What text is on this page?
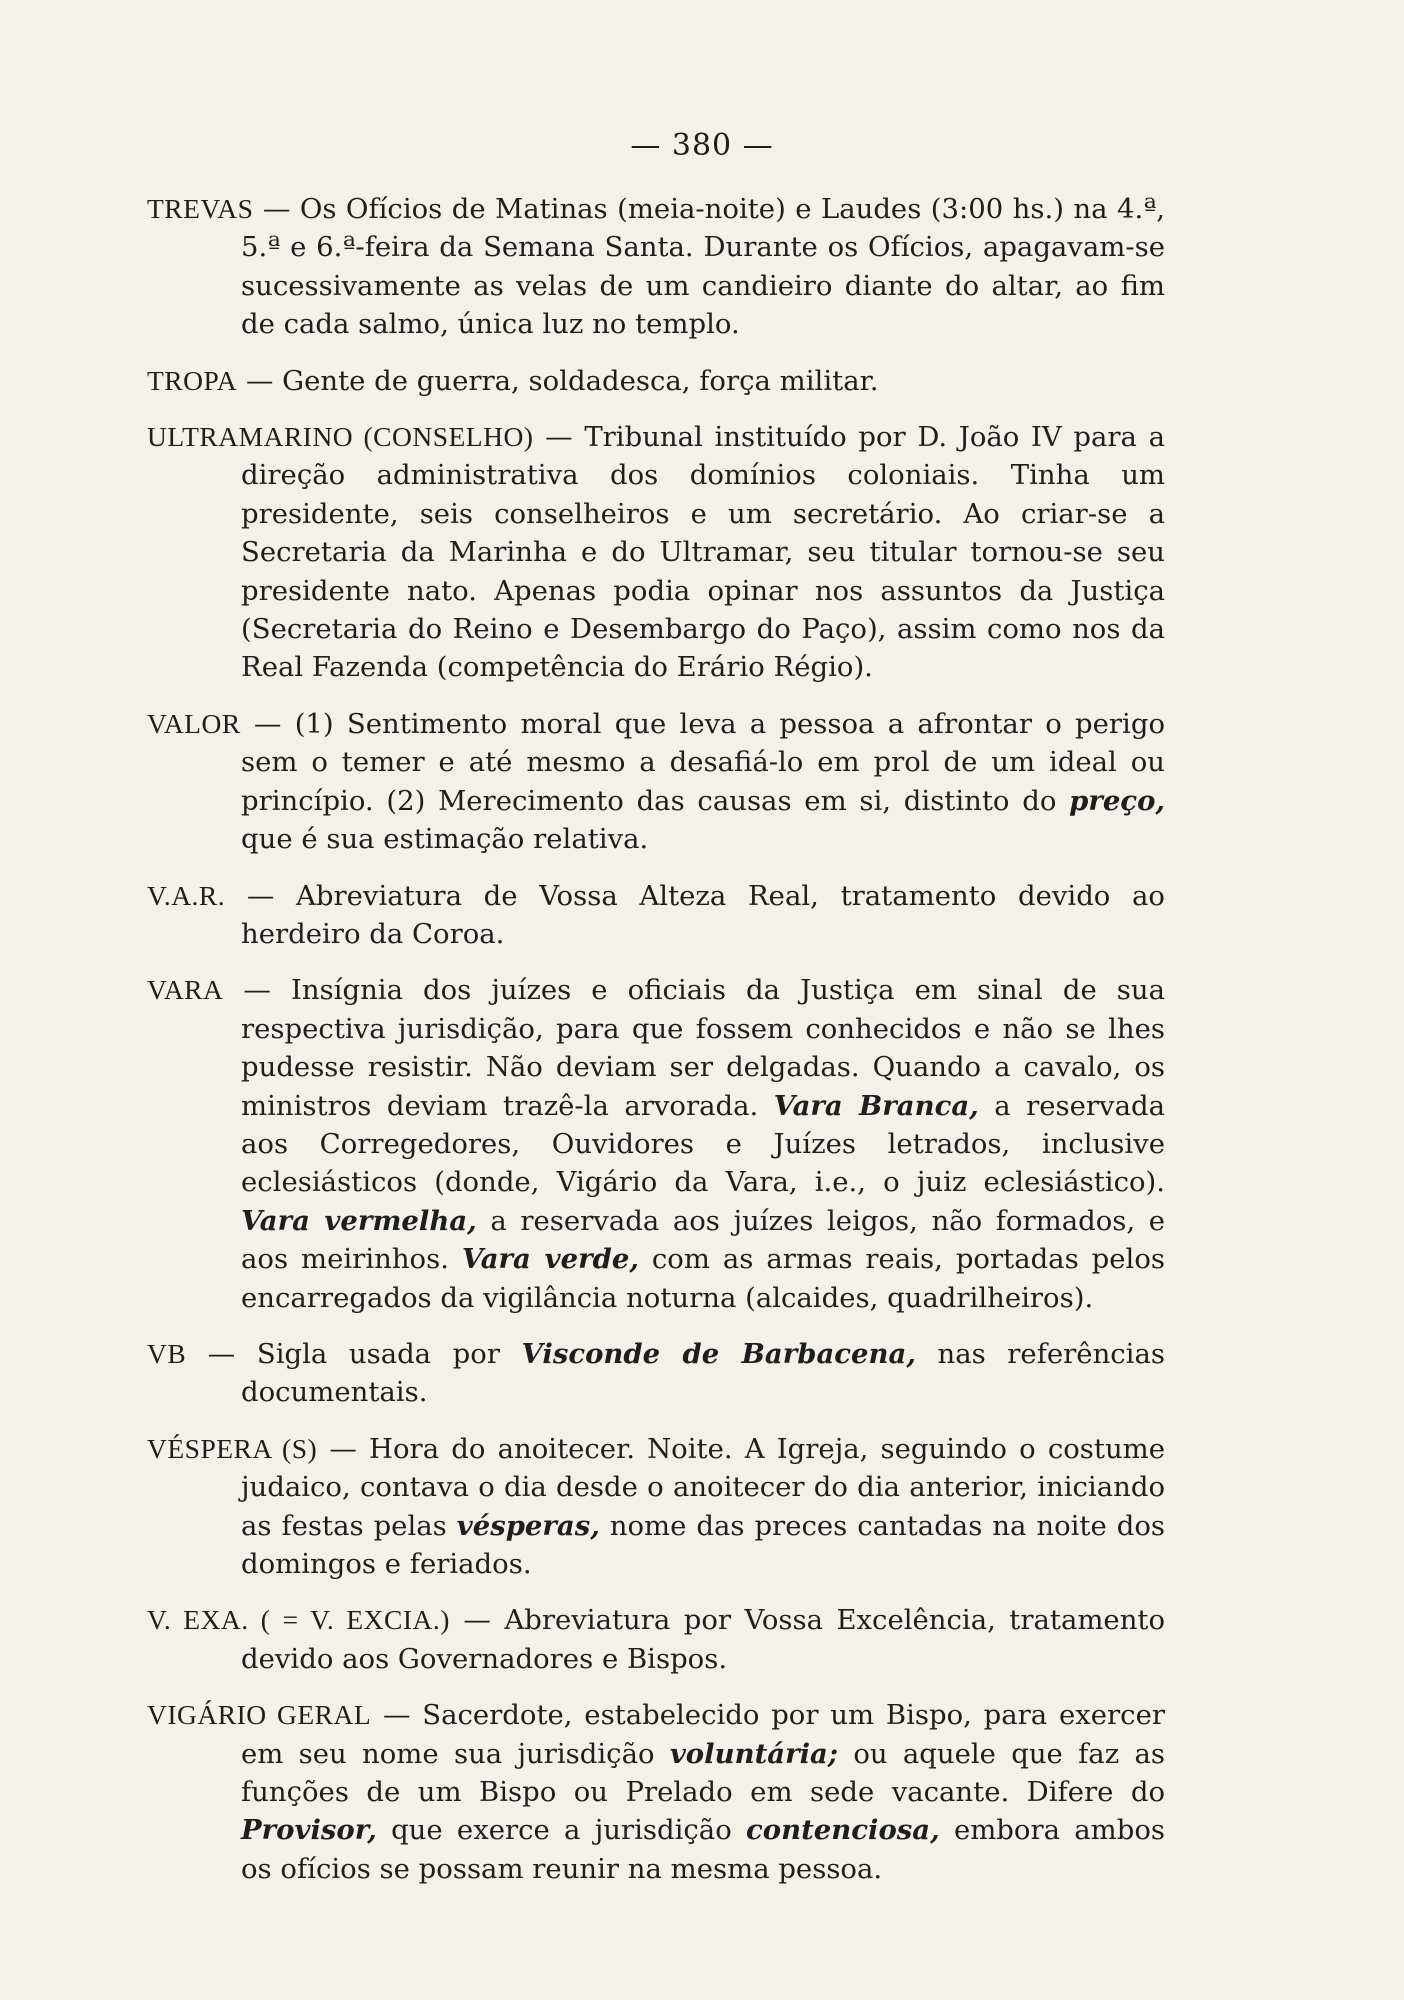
— 380 —

TREVAS — Os Ofícios de Matinas (meia-noite) e Laudes (3:00 hs.) na 4.ª, 5.ª e 6.ª-feira da Semana Santa. Durante os Ofícios, apagavam-se sucessivamente as velas de um candieiro diante do altar, ao fim de cada salmo, única luz no templo.

TROPA — Gente de guerra, soldadesca, força militar.

ULTRAMARINO (CONSELHO) — Tribunal instituído por D. João IV para a direção administrativa dos domínios coloniais. Tinha um presidente, seis conselheiros e um secretário. Ao criar-se a Secretaria da Marinha e do Ultramar, seu titular tornou-se seu presidente nato. Apenas podia opinar nos assuntos da Justiça (Secretaria do Reino e Desembargo do Paço), assim como nos da Real Fazenda (competência do Erário Régio).

VALOR — (1) Sentimento moral que leva a pessoa a afrontar o perigo sem o temer e até mesmo a desafiá-lo em prol de um ideal ou princípio. (2) Merecimento das causas em si, distinto do preço, que é sua estimação relativa.

V.A.R. — Abreviatura de Vossa Alteza Real, tratamento devido ao herdeiro da Coroa.

VARA — Insígnia dos juízes e oficiais da Justiça em sinal de sua respectiva jurisdição, para que fossem conhecidos e não se lhes pudesse resistir. Não deviam ser delgadas. Quando a cavalo, os ministros deviam trazê-la arvorada. Vara Branca, a reservada aos Corregedores, Ouvidores e Juízes letrados, inclusive eclesiásticos (donde, Vigário da Vara, i.e., o juiz eclesiástico). Vara vermelha, a reservada aos juízes leigos, não formados, e aos meirinhos. Vara verde, com as armas reais, portadas pelos encarregados da vigilância noturna (alcaides, quadrilheiros).

VB — Sigla usada por Visconde de Barbacena, nas referências documentais.

VÉSPERA (S) — Hora do anoitecer. Noite. A Igreja, seguindo o costume judaico, contava o dia desde o anoitecer do dia anterior, iniciando as festas pelas vésperas, nome das preces cantadas na noite dos domingos e feriados.

V. EXA. ( = V. EXCIA.) — Abreviatura por Vossa Excelência, tratamento devido aos Governadores e Bispos.

VIGÁRIO GERAL — Sacerdote, estabelecido por um Bispo, para exercer em seu nome sua jurisdição voluntária; ou aquele que faz as funções de um Bispo ou Prelado em sede vacante. Difere do Provisor, que exerce a jurisdição contenciosa, embora ambos os ofícios se possam reunir na mesma pessoa.
